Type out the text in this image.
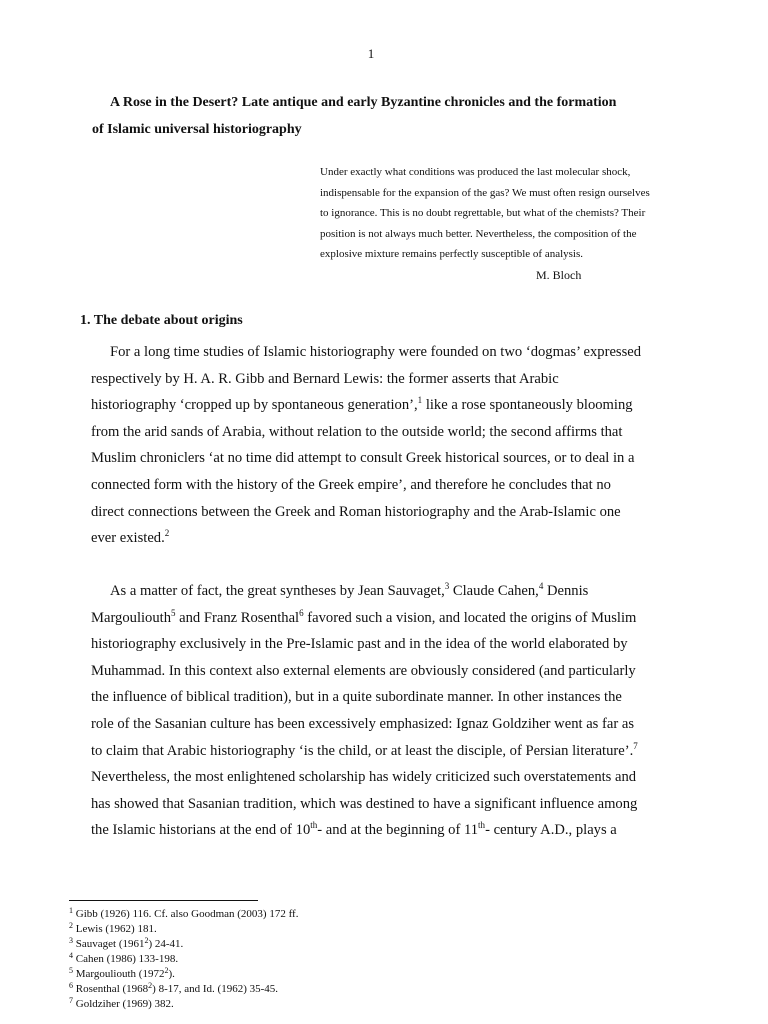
1
A Rose in the Desert? Late antique and early Byzantine chronicles and the formation
of Islamic universal historiography
Under exactly what conditions was produced the last molecular shock,
indispensable for the expansion of the gas? We must often resign ourselves
to ignorance. This is no doubt regrettable, but what of the chemists? Their
position is not always much better. Nevertheless, the composition of the
explosive mixture remains perfectly susceptible of analysis.
M. Bloch
1. The debate about origins
For a long time studies of Islamic historiography were founded on two ‘dogmas’ expressed
respectively by H. A. R. Gibb and Bernard Lewis: the former asserts that Arabic
historiography ‘cropped up by spontaneous generation’,$^1$ like a rose spontaneously blooming
from the arid sands of Arabia, without relation to the outside world; the second affirms that
Muslim chroniclers ‘at no time did attempt to consult Greek historical sources, or to deal in a
connected form with the history of the Greek empire’, and therefore he concludes that no
direct connections between the Greek and Roman historiography and the Arab-Islamic one
ever existed.$^2$
As a matter of fact, the great syntheses by Jean Sauvaget,$^3$ Claude Cahen,$^4$ Dennis
Margouliouth$^5$ and Franz Rosenthal$^6$ favored such a vision, and located the origins of Muslim
historiography exclusively in the Pre-Islamic past and in the idea of the world elaborated by
Muhammad. In this context also external elements are obviously considered (and particularly
the influence of biblical tradition), but in a quite subordinate manner. In other instances the
role of the Sasanian culture has been excessively emphasized: Ignaz Goldziher went as far as
to claim that Arabic historiography ‘is the child, or at least the disciple, of Persian literature’.$^7$
Nevertheless, the most enlightened scholarship has widely criticized such overstatements and
has showed that Sasanian tradition, which was destined to have a significant influence among
the Islamic historians at the end of 10th- and at the beginning of 11th- century A.D., plays a
$^1$ Gibb (1926) 116. Cf. also Goodman (2003) 172 ff.
$^2$ Lewis (1962) 181.
$^3$ Sauvaget (1961$^2$) 24-41.
$^4$ Cahen (1986) 133-198.
$^5$ Margouliouth (1972$^2$).
$^6$ Rosenthal (1968$^2$) 8-17, and Id. (1962) 35-45.
$^7$ Goldziher (1969) 382.
